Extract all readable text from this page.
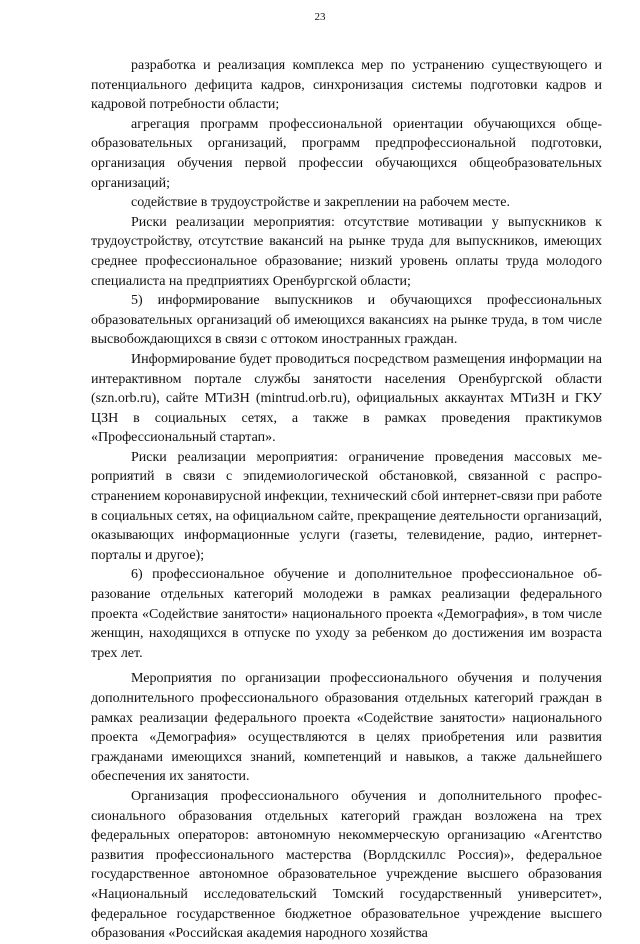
23

разработка и реализация комплекса мер по устранению существующего и потенциального дефицита кадров, синхронизация системы подготовки кадров и кадровой потребности области;

агрегация программ профессиональной ориентации обучающихся общеобразовательных организаций, программ предпрофессиональной подготовки, организация обучения первой профессии обучающихся общеобразовательных организаций;

содействие в трудоустройстве и закреплении на рабочем месте.

Риски реализации мероприятия: отсутствие мотивации у выпускников к трудоустройству, отсутствие вакансий на рынке труда для выпускников, имеющих среднее профессиональное образование; низкий уровень оплаты труда молодого специалиста на предприятиях Оренбургской области;

5) информирование выпускников и обучающихся профессиональных образовательных организаций об имеющихся вакансиях на рынке труда, в том числе высвобождающихся в связи с оттоком иностранных граждан.

Информирование будет проводиться посредством размещения информации на интерактивном портале службы занятости населения Оренбургской области (szn.orb.ru), сайте МТиЗН (mintrud.orb.ru), официальных аккаунтах МТиЗН и ГКУ ЦЗН в социальных сетях, а также в рамках проведения практикумов «Профессиональный стартап».

Риски реализации мероприятия: ограничение проведения массовых мероприятий в связи с эпидемиологической обстановкой, связанной с распространением коронавирусной инфекции, технический сбой интернет-связи при работе в социальных сетях, на официальном сайте, прекращение деятельности организаций, оказывающих информационные услуги (газеты, телевидение, радио, интернет-порталы и другое);

6) профессиональное обучение и дополнительное профессиональное образование отдельных категорий молодежи в рамках реализации федерального проекта «Содействие занятости» национального проекта «Демография», в том числе женщин, находящихся в отпуске по уходу за ребенком до достижения им возраста трех лет.

Мероприятия по организации профессионального обучения и получения дополнительного профессионального образования отдельных категорий граждан в рамках реализации федерального проекта «Содействие занятости» национального проекта «Демография» осуществляются в целях приобретения или развития гражданами имеющихся знаний, компетенций и навыков, а также дальнейшего обеспечения их занятости.

Организация профессионального обучения и дополнительного профессионального образования отдельных категорий граждан возложена на трех федеральных операторов: автономную некоммерческую организацию «Агентство развития профессионального мастерства (Ворлдскиллс Россия)», федеральное государственное автономное образовательное учреждение высшего образования «Национальный исследовательский Томский государственный университет», федеральное государственное бюджетное образовательное учреждение высшего образования «Российская академия народного хозяйства
